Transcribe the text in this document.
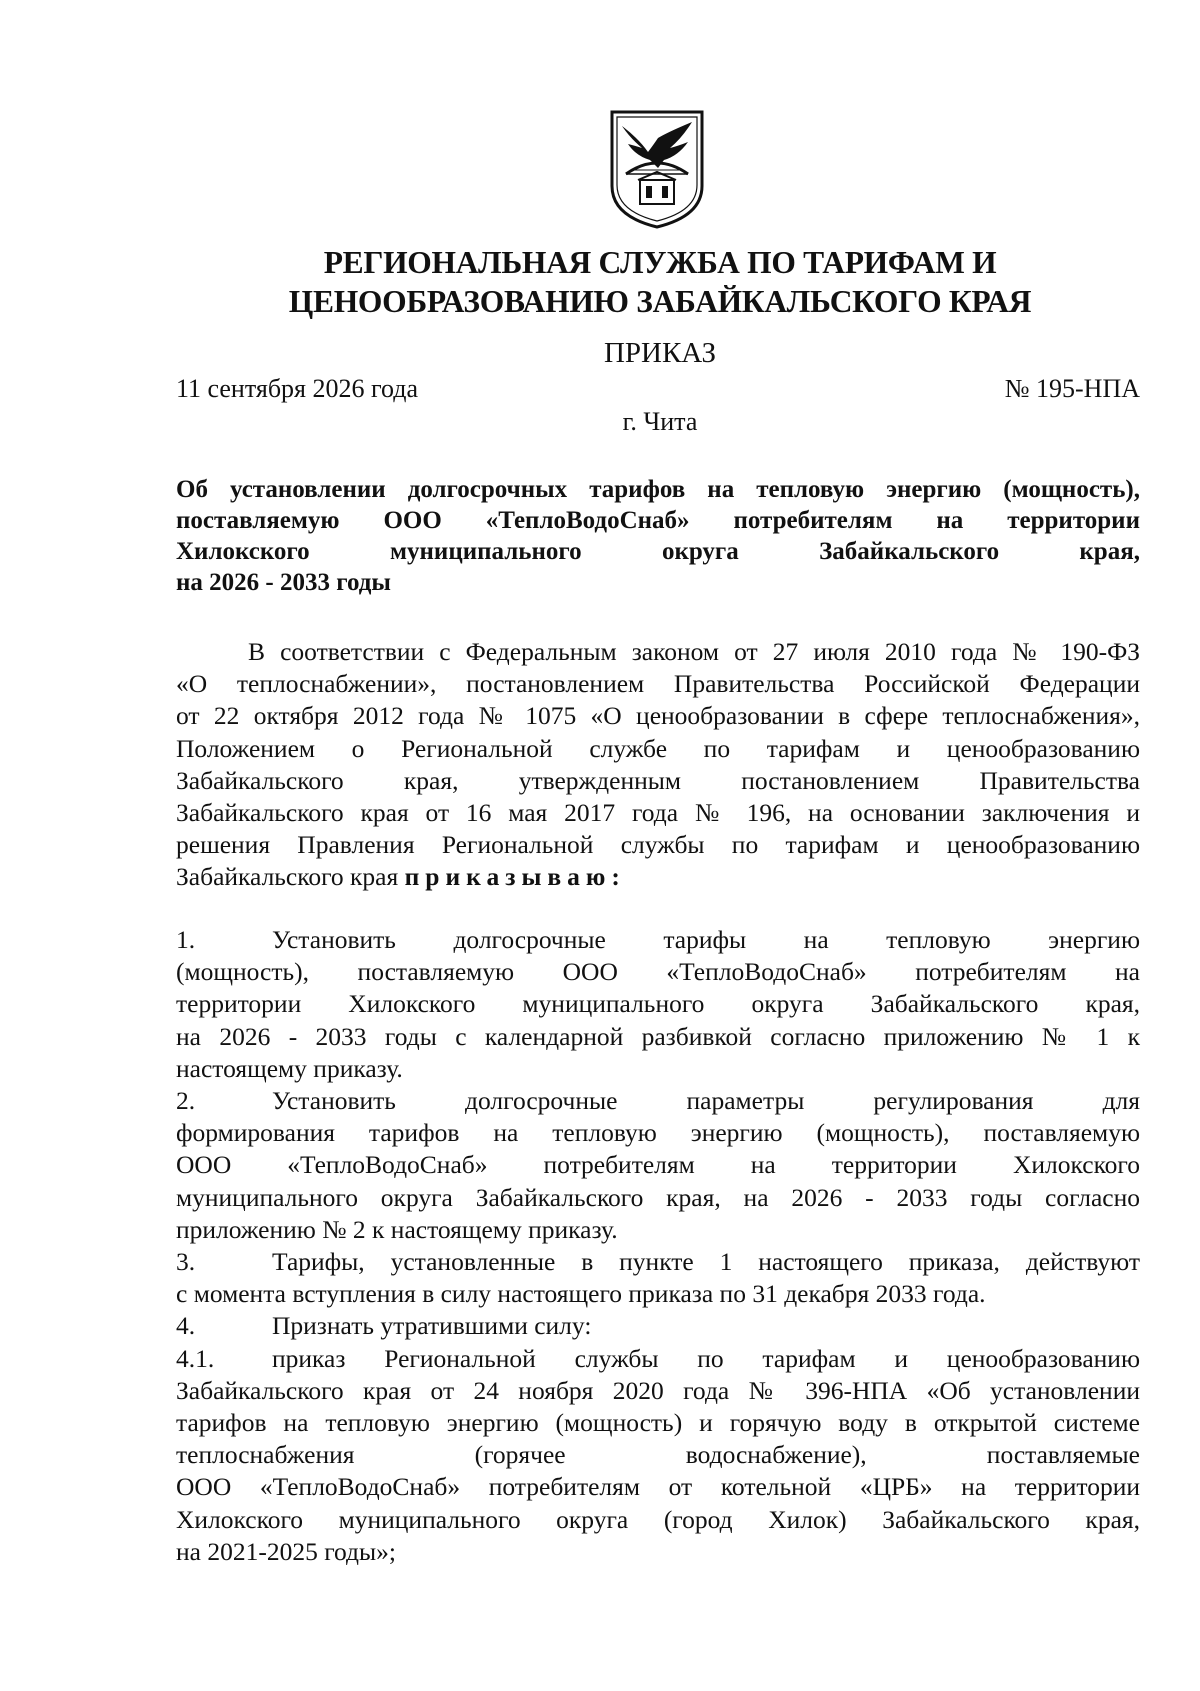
РЕГИОНАЛЬНАЯ СЛУЖБА ПО ТАРИФАМ И
ЦЕНООБРАЗОВАНИЮ ЗАБАЙКАЛЬСКОГО КРАЯ
ПРИКАЗ
11 сентября 2026 года	№ 195-НПА
г. Чита
Об установлении долгосрочных тарифов на тепловую энергию (мощность),
поставляемую ООО «ТеплоВодоСнаб» потребителям на территории
Хилокского муниципального округа Забайкальского края,
на 2026 - 2033 годы
В соответствии с Федеральным законом от 27 июля 2010 года № 190-ФЗ
«О теплоснабжении», постановлением Правительства Российской Федерации
от 22 октября 2012 года № 1075 «О ценообразовании в сфере теплоснабжения»,
Положением о Региональной службе по тарифам и ценообразованию
Забайкальского края, утвержденным постановлением Правительства
Забайкальского края от 16 мая 2017 года № 196, на основании заключения и
решения Правления Региональной службы по тарифам и ценообразованию
Забайкальского края приказываю:
1.	Установить долгосрочные тарифы на тепловую энергию
(мощность), поставляемую ООО «ТеплоВодоСнаб» потребителям на
территории Хилокского муниципального округа Забайкальского края,
на 2026 - 2033 годы с календарной разбивкой согласно приложению № 1 к
настоящему приказу.
2.	Установить долгосрочные параметры регулирования для
формирования тарифов на тепловую энергию (мощность), поставляемую
ООО «ТеплоВодоСнаб» потребителям на территории Хилокского
муниципального округа Забайкальского края, на 2026 - 2033 годы согласно
приложению № 2 к настоящему приказу.
3.	Тарифы, установленные в пункте 1 настоящего приказа, действуют
с момента вступления в силу настоящего приказа по 31 декабря 2033 года.
4.	Признать утратившими силу:
4.1. приказ Региональной службы по тарифам и ценообразованию
Забайкальского края от 24 ноября 2020 года № 396-НПА «Об установлении
тарифов на тепловую энергию (мощность) и горячую воду в открытой системе
теплоснабжения (горячее водоснабжение), поставляемые
ООО «ТеплоВодоСнаб» потребителям от котельной «ЦРБ» на территории
Хилокского муниципального округа (город Хилок) Забайкальского края,
на 2021-2025 годы»;
